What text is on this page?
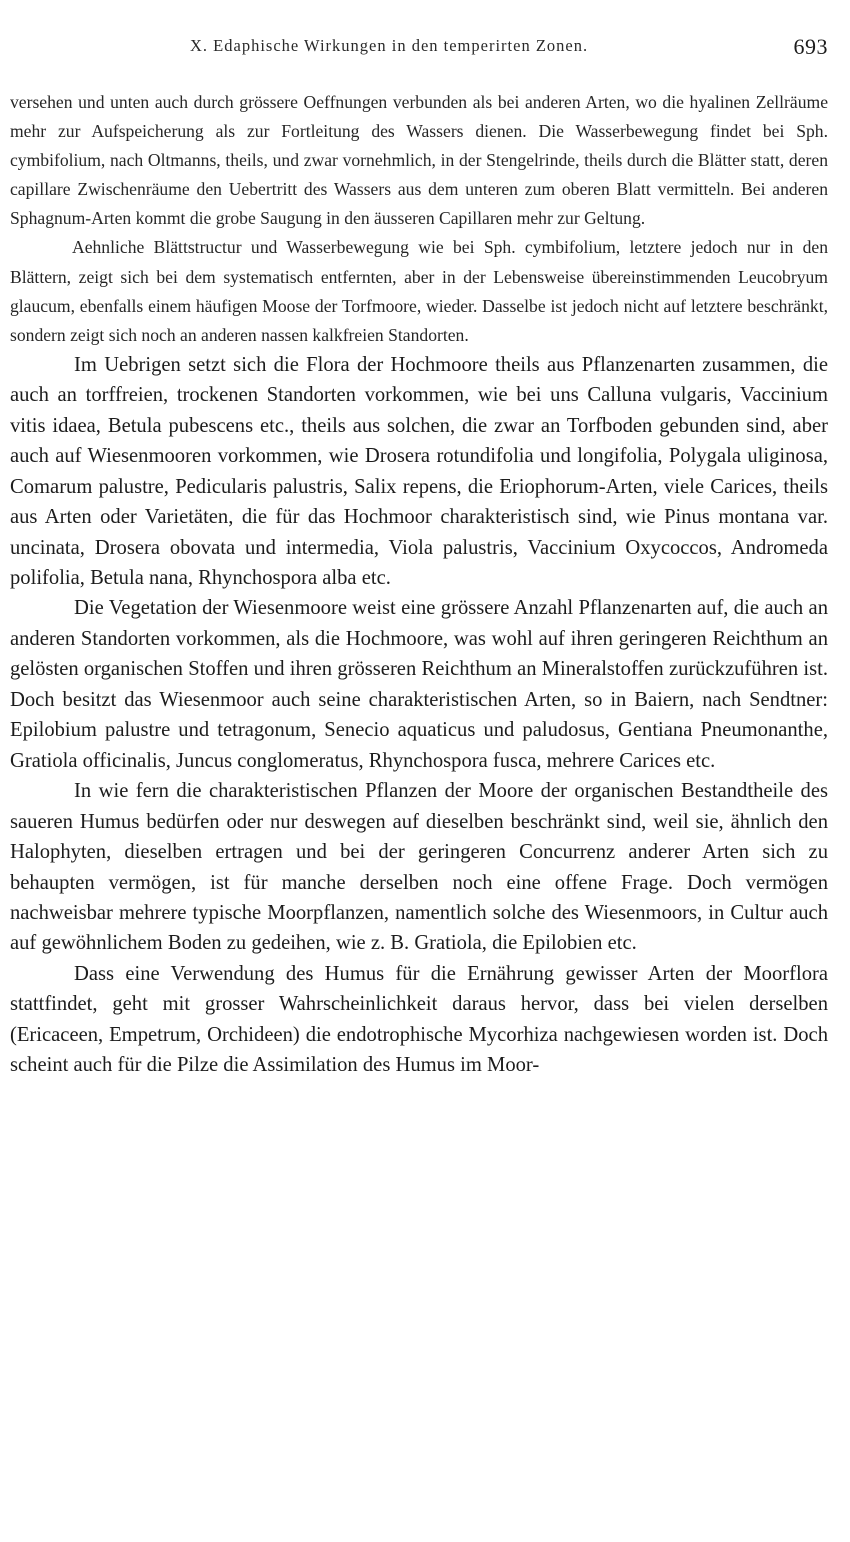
X. Edaphische Wirkungen in den temperirten Zonen.	693

versehen und unten auch durch grössere Oeffnungen verbunden als bei anderen Arten, wo die hyalinen Zellräume mehr zur Aufspeicherung als zur Fortleitung des Wassers dienen. Die Wasserbewegung findet bei Sph. cymbifolium, nach Oltmanns, theils, und zwar vornehmlich, in der Stengelrinde, theils durch die Blätter statt, deren capillare Zwischenräume den Uebertritt des Wassers aus dem unteren zum oberen Blatt vermitteln. Bei anderen Sphagnum-Arten kommt die grobe Saugung in den äusseren Capillaren mehr zur Geltung.

Aehnliche Blättstructur und Wasserbewegung wie bei Sph. cymbifolium, letztere jedoch nur in den Blättern, zeigt sich bei dem systematisch entfernten, aber in der Lebensweise übereinstimmenden Leucobryum glaucum, ebenfalls einem häufigen Moose der Torfmoore, wieder. Dasselbe ist jedoch nicht auf letztere beschränkt, sondern zeigt sich noch an anderen nassen kalkfreien Standorten.

Im Uebrigen setzt sich die Flora der Hochmoore theils aus Pflanzenarten zusammen, die auch an torffreien, trockenen Standorten vorkommen, wie bei uns Calluna vulgaris, Vaccinium vitis idaea, Betula pubescens etc., theils aus solchen, die zwar an Torfboden gebunden sind, aber auch auf Wiesenmooren vorkommen, wie Drosera rotundifolia und longifolia, Polygala uliginosa, Comarum palustre, Pedicularis palustris, Salix repens, die Eriophorum-Arten, viele Carices, theils aus Arten oder Varietäten, die für das Hochmoor charakteristisch sind, wie Pinus montana var. uncinata, Drosera obovata und intermedia, Viola palustris, Vaccinium Oxycoccos, Andromeda polifolia, Betula nana, Rhynchospora alba etc.

Die Vegetation der Wiesenmoore weist eine grössere Anzahl Pflanzenarten auf, die auch an anderen Standorten vorkommen, als die Hochmoore, was wohl auf ihren geringeren Reichthum an gelösten organischen Stoffen und ihren grösseren Reichthum an Mineralstoffen zurückzuführen ist. Doch besitzt das Wiesenmoor auch seine charakteristischen Arten, so in Baiern, nach Sendtner: Epilobium palustre und tetragonum, Senecio aquaticus und paludosus, Gentiana Pneumonanthe, Gratiola officinalis, Juncus conglomeratus, Rhynchospora fusca, mehrere Carices etc.

In wie fern die charakteristischen Pflanzen der Moore der organischen Bestandtheile des saueren Humus bedürfen oder nur deswegen auf dieselben beschränkt sind, weil sie, ähnlich den Halophyten, dieselben ertragen und bei der geringeren Concurrenz anderer Arten sich zu behaupten vermögen, ist für manche derselben noch eine offene Frage. Doch vermögen nachweisbar mehrere typische Moorpflanzen, namentlich solche des Wiesenmoors, in Cultur auch auf gewöhnlichem Boden zu gedeihen, wie z. B. Gratiola, die Epilobien etc.

Dass eine Verwendung des Humus für die Ernährung gewisser Arten der Moorflora stattfindet, geht mit grosser Wahrscheinlichkeit daraus hervor, dass bei vielen derselben (Ericaceen, Empetrum, Orchideen) die endotrophische Mycorhiza nachgewiesen worden ist. Doch scheint auch für die Pilze die Assimilation des Humus im Moor-
